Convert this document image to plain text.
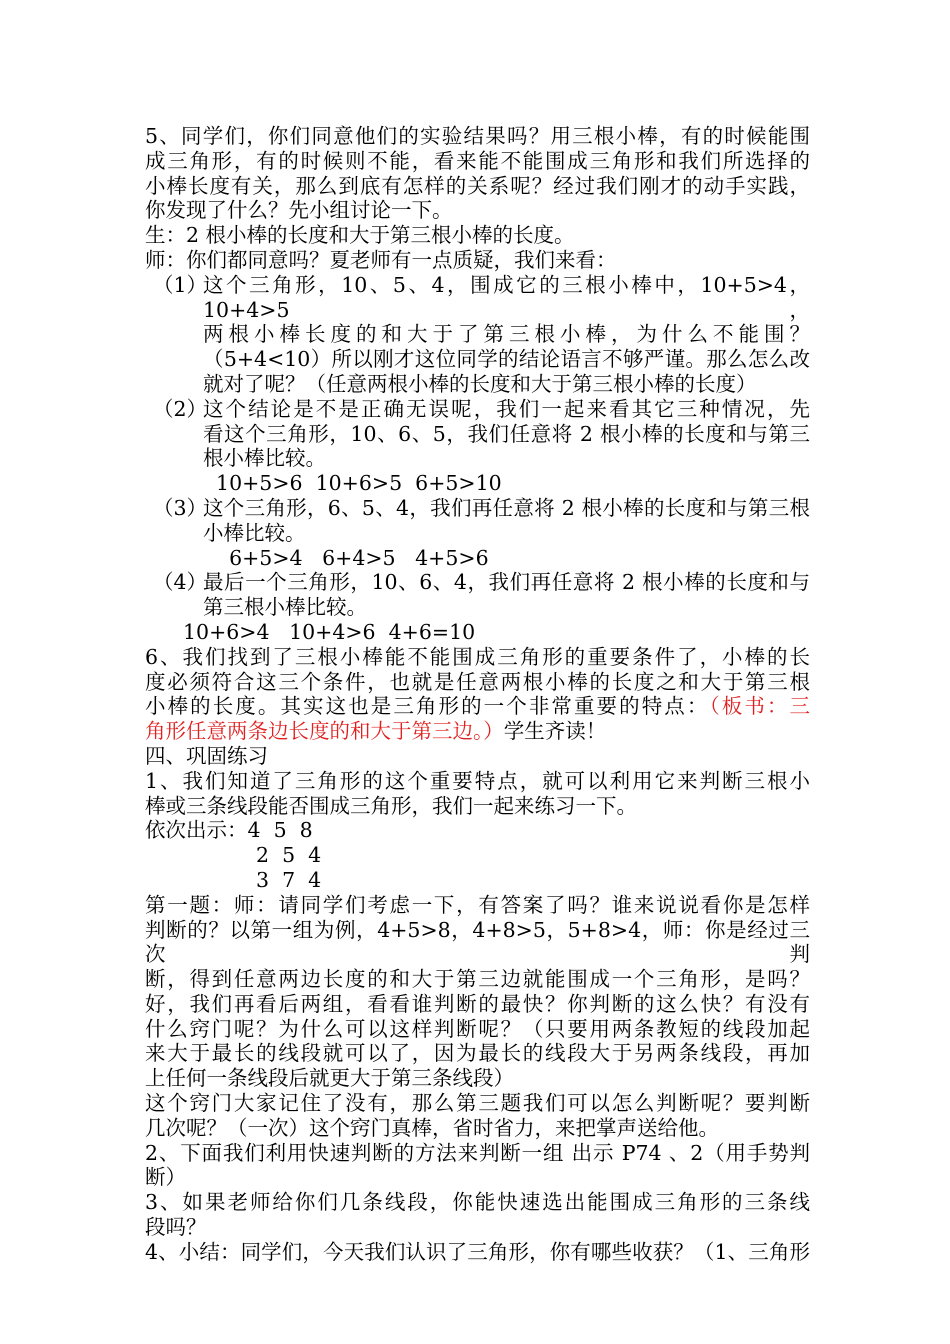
5、同学们，你们同意他们的实验结果吗？用三根小棒，有的时候能围

成三角形，有的时候则不能，看来能不能围成三角形和我们所选择的

小棒长度有关，那么到底有怎样的关系呢？经过我们刚才的动手实践，

你发现了什么？先小组讨论一下。

生：2 根小棒的长度和大于第三根小棒的长度。

师：你们都同意吗？夏老师有一点质疑，我们来看：

（1）

这个三角形，10、5、4，围成它的三根小棒中，10+5>4，10+4>5，

两根小棒长度的和大于了第三根小棒，为什么不能围？

（5+4<10）所以刚才这位同学的结论语言不够严谨。那么怎么改

就对了呢？（任意两根小棒的长度和大于第三根小棒的长度）

（2）

这个结论是不是正确无误呢，我们一起来看其它三种情况，先

看这个三角形，10、6、5，我们任意将 2 根小棒的长度和与第三

根小棒比较。

10+5>6  10+6>5  6+5>10

（3）

这个三角形，6、5、4，我们再任意将 2 根小棒的长度和与第三根

小棒比较。

6+5>4   6+4>5   4+5>6

（4）

最后一个三角形，10、6、4，我们再任意将 2 根小棒的长度和与

第三根小棒比较。

10+6>4   10+4>6  4+6=10

6、我们找到了三根小棒能不能围成三角形的重要条件了，小棒的长

度必须符合这三个条件，也就是任意两根小棒的长度之和大于第三根

小棒的长度。其实这也是三角形的一个非常重要的特点：（板书：三

角形任意两条边长度的和大于第三边。）学生齐读！

四、巩固练习

1、我们知道了三角形的这个重要特点，就可以利用它来判断三根小

棒或三条线段能否围成三角形，我们一起来练习一下。

依次出示：4  5  8

2  5  4

3  7  4

第一题：师：请同学们考虑一下，有答案了吗？谁来说说看你是怎样

判断的？以第一组为例，4+5>8，4+8>5，5+8>4，师：你是经过三次判

断，得到任意两边长度的和大于第三边就能围成一个三角形，是吗？

好，我们再看后两组，看看谁判断的最快？你判断的这么快？有没有

什么窍门呢？为什么可以这样判断呢？（只要用两条教短的线段加起

来大于最长的线段就可以了，因为最长的线段大于另两条线段，再加

上任何一条线段后就更大于第三条线段）

这个窍门大家记住了没有，那么第三题我们可以怎么判断呢？要判断

几次呢？（一次）这个窍门真棒，省时省力，来把掌声送给他。

2、下面我们利用快速判断的方法来判断一组 出示 P74 、2（用手势判

断）

3、如果老师给你们几条线段，你能快速选出能围成三角形的三条线

段吗？

4、小结：同学们，今天我们认识了三角形，你有哪些收获？（1、三角形
